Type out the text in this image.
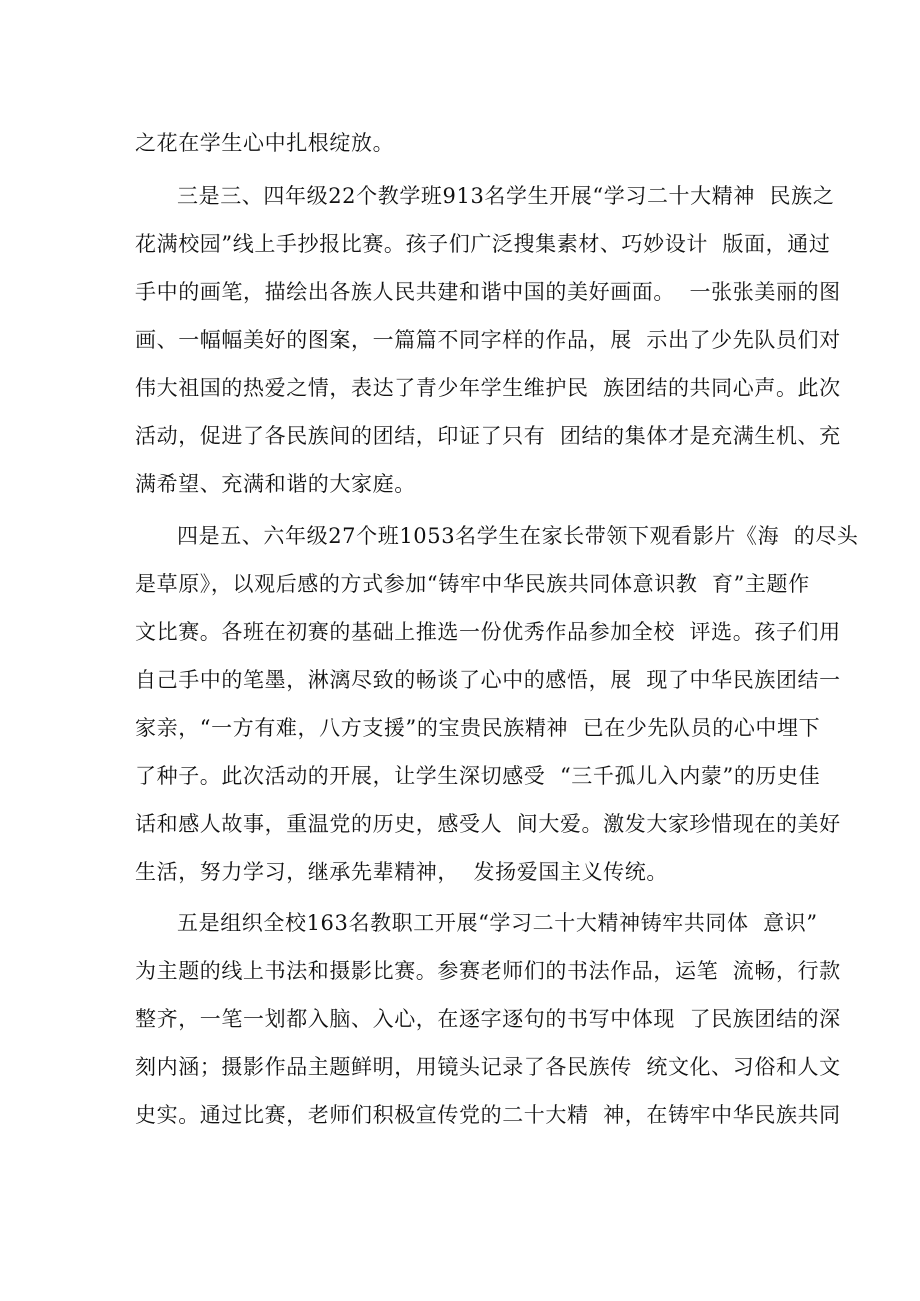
之花在学生心中扎根绽放。
三是三、四年级22个教学班913名学生开展“学习二十大精神  民族之
花满校园”线上手抄报比赛。孩子们广泛搜集素材、巧妙设计  版面，通过
手中的画笔，描绘出各族人民共建和谐中国的美好画面。  一张张美丽的图
画、一幅幅美好的图案，一篇篇不同字样的作品，展  示出了少先队员们对
伟大祖国的热爱之情，表达了青少年学生维护民  族团结的共同心声。此次
活动，促进了各民族间的团结，印证了只有  团结的集体才是充满生机、充
满希望、充满和谐的大家庭。
四是五、六年级27个班1053名学生在家长带领下观看影片《海  的尽头
是草原》，以观后感的方式参加“铸牢中华民族共同体意识教  育”主题作
文比赛。各班在初赛的基础上推选一份优秀作品参加全校  评选。孩子们用
自己手中的笔墨，淋漓尽致的畅谈了心中的感悟，展  现了中华民族团结一
家亲，“一方有难，八方支援”的宝贵民族精神  已在少先队员的心中埋下
了种子。此次活动的开展，让学生深切感受  “三千孤儿入内蒙”的历史佳
话和感人故事，重温党的历史，感受人  间大爱。激发大家珍惜现在的美好
生活，努力学习，继承先辈精神，  发扬爱国主义传统。
五是组织全校163名教职工开展“学习二十大精神铸牢共同体  意识”
为主题的线上书法和摄影比赛。参赛老师们的书法作品，运笔  流畅，行款
整齐，一笔一划都入脑、入心，在逐字逐句的书写中体现  了民族团结的深
刻内涵；摄影作品主题鲜明，用镜头记录了各民族传  统文化、习俗和人文
史实。通过比赛，老师们积极宣传党的二十大精  神，在铸牢中华民族共同
